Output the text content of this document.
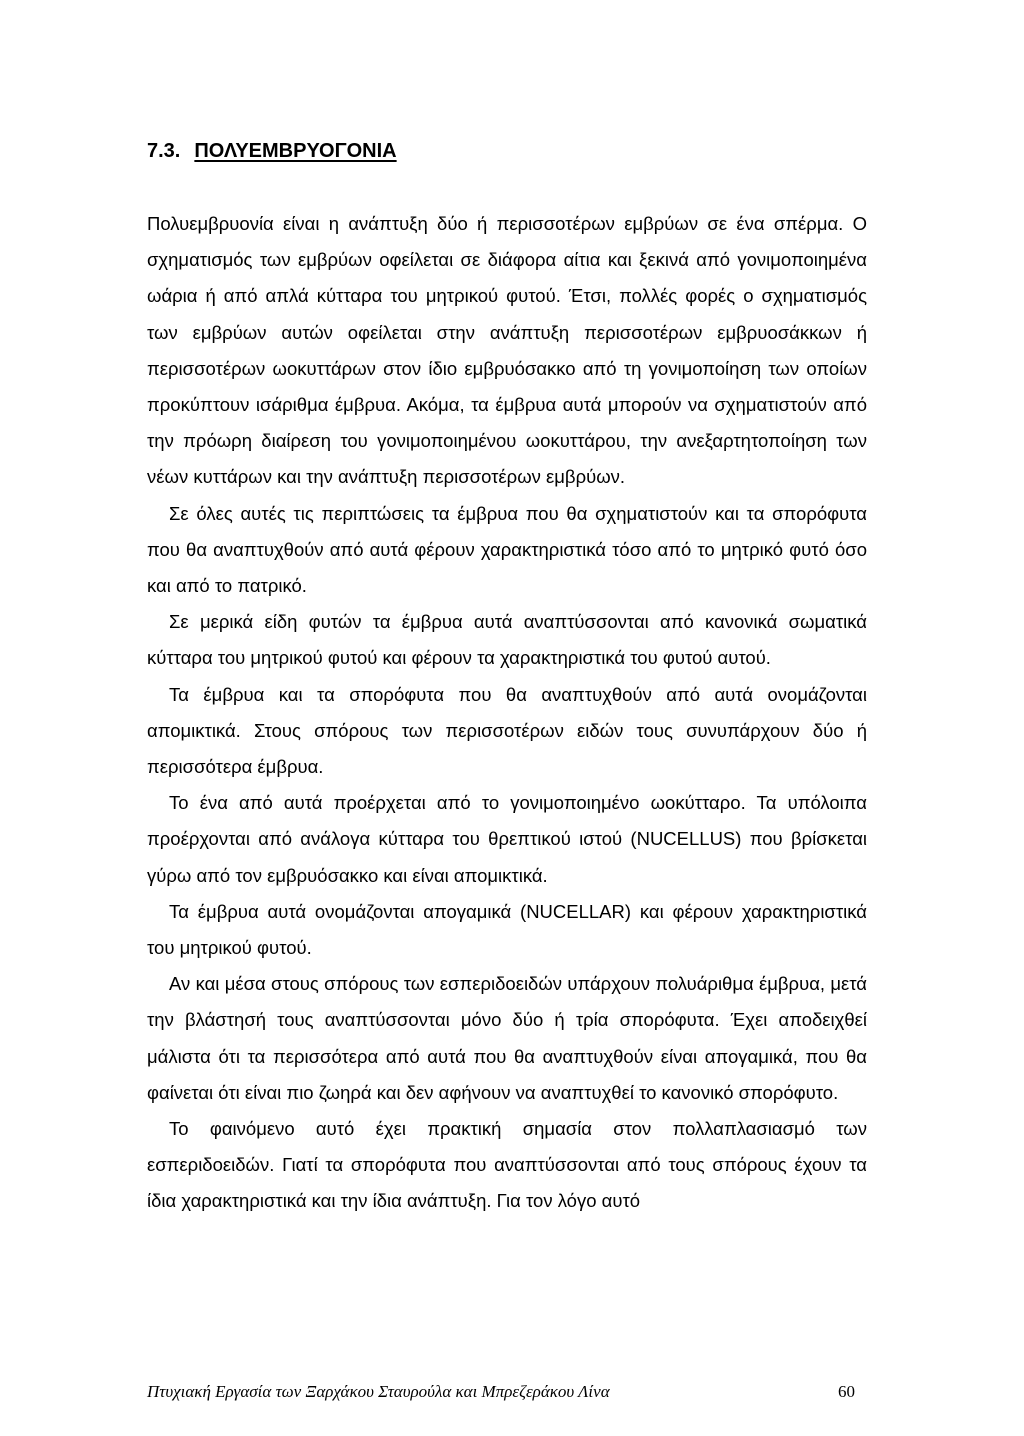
7.3. ΠΟΛΥΕΜΒΡΥΟΓΟΝΙΑ

Πολυεμβρυονία είναι η ανάπτυξη δύο ή περισσοτέρων εμβρύων σε ένα σπέρμα. Ο σχηματισμός των εμβρύων οφείλεται σε διάφορα αίτια και ξεκινά από γονιμοποιημένα ωάρια ή από απλά κύτταρα του μητρικού φυτού. Έτσι, πολλές φορές ο σχηματισμός των εμβρύων αυτών οφείλεται στην ανάπτυξη περισσοτέρων εμβρυοσάκκων ή περισσοτέρων ωοκυττάρων στον ίδιο εμβρυόσακκο από τη γονιμοποίηση των οποίων προκύπτουν ισάριθμα έμβρυα. Ακόμα, τα έμβρυα αυτά μπορούν να σχηματιστούν από την πρόωρη διαίρεση του γονιμοποιημένου ωοκυττάρου, την ανεξαρτητοποίηση των νέων κυττάρων και την ανάπτυξη περισσοτέρων εμβρύων.

Σε όλες αυτές τις περιπτώσεις τα έμβρυα που θα σχηματιστούν και τα σπορόφυτα που θα αναπτυχθούν από αυτά φέρουν χαρακτηριστικά τόσο από το μητρικό φυτό όσο και από το πατρικό.

Σε μερικά είδη φυτών τα έμβρυα αυτά αναπτύσσονται από κανονικά σωματικά κύτταρα του μητρικού φυτού και φέρουν τα χαρακτηριστικά του φυτού αυτού.

Τα έμβρυα και τα σπορόφυτα που θα αναπτυχθούν από αυτά ονομάζονται απομικτικά. Στους σπόρους των περισσοτέρων ειδών τους συνυπάρχουν δύο ή περισσότερα έμβρυα.

Το ένα από αυτά προέρχεται από το γονιμοποιημένο ωοκύτταρο. Τα υπόλοιπα προέρχονται από ανάλογα κύτταρα του θρεπτικού ιστού (NUCELLUS) που βρίσκεται γύρω από τον εμβρυόσακκο και είναι απομικτικά.

Τα έμβρυα αυτά ονομάζονται απογαμικά (NUCELLAR) και φέρουν χαρακτηριστικά του μητρικού φυτού.

Αν και μέσα στους σπόρους των εσπεριδοειδών υπάρχουν πολυάριθμα έμβρυα, μετά την βλάστησή τους αναπτύσσονται μόνο δύο ή τρία σπορόφυτα. Έχει αποδειχθεί μάλιστα ότι τα περισσότερα από αυτά που θα αναπτυχθούν είναι απογαμικά, που θα φαίνεται ότι είναι πιο ζωηρά και δεν αφήνουν να αναπτυχθεί το κανονικό σπορόφυτο.

Το φαινόμενο αυτό έχει πρακτική σημασία στον πολλαπλασιασμό των εσπεριδοειδών. Γιατί τα σπορόφυτα που αναπτύσσονται από τους σπόρους έχουν τα ίδια χαρακτηριστικά και την ίδια ανάπτυξη. Για τον λόγο αυτό

Πτυχιακή Εργασία των Ξαρχάκου Σταυρούλα και Μπρεζεράκου Λίνα	60
